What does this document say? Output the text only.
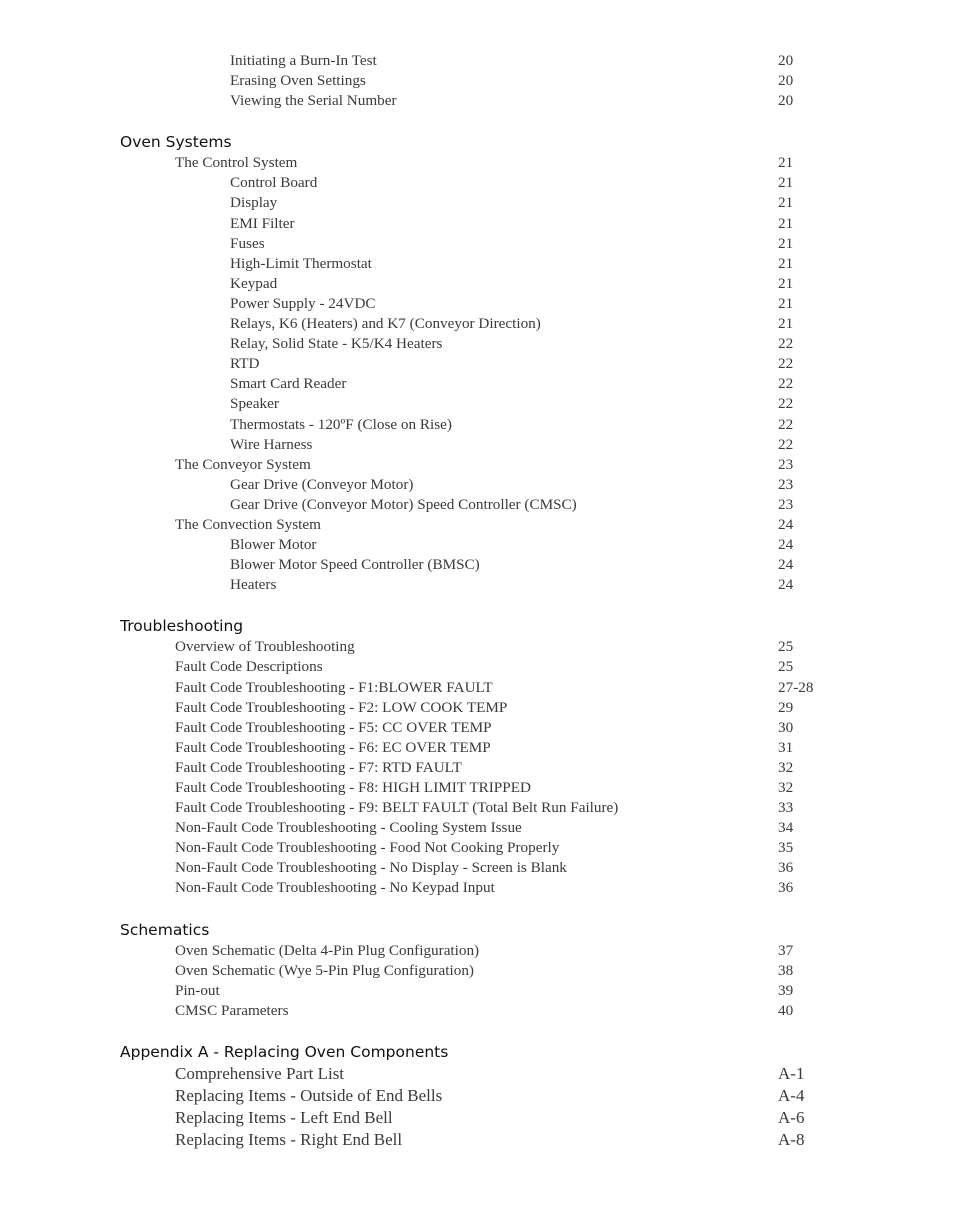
Initiating a Burn-In Test	20
Erasing Oven Settings	20
Viewing the Serial Number	20
Oven Systems
The Control System	21
Control Board	21
Display	21
EMI Filter	21
Fuses	21
High-Limit Thermostat	21
Keypad	21
Power Supply - 24VDC	21
Relays, K6 (Heaters) and K7 (Conveyor Direction)	21
Relay, Solid State - K5/K4 Heaters	22
RTD	22
Smart Card Reader	22
Speaker	22
Thermostats - 120ºF (Close on Rise)	22
Wire Harness	22
The Conveyor System	23
Gear Drive (Conveyor Motor)	23
Gear Drive (Conveyor Motor) Speed Controller (CMSC)	23
The Convection System	24
Blower Motor	24
Blower Motor Speed Controller (BMSC)	24
Heaters	24
Troubleshooting
Overview of Troubleshooting	25
Fault Code Descriptions	25
Fault Code Troubleshooting - F1:BLOWER FAULT	27-28
Fault Code Troubleshooting - F2: LOW COOK TEMP	29
Fault Code Troubleshooting - F5: CC OVER TEMP	30
Fault Code Troubleshooting - F6: EC OVER TEMP	31
Fault Code Troubleshooting - F7: RTD FAULT	32
Fault Code Troubleshooting - F8: HIGH LIMIT TRIPPED	32
Fault Code Troubleshooting - F9: BELT FAULT (Total Belt Run Failure)	33
Non-Fault Code Troubleshooting - Cooling System Issue	34
Non-Fault Code Troubleshooting - Food Not Cooking Properly	35
Non-Fault Code Troubleshooting - No Display - Screen is Blank	36
Non-Fault Code Troubleshooting - No Keypad Input	36
Schematics
Oven Schematic (Delta 4-Pin Plug Configuration)	37
Oven Schematic (Wye 5-Pin Plug Configuration)	38
Pin-out	39
CMSC Parameters	40
Appendix A - Replacing Oven Components
Comprehensive Part List	A-1
Replacing Items - Outside of End Bells	A-4
Replacing Items - Left End Bell	A-6
Replacing Items - Right End Bell	A-8
